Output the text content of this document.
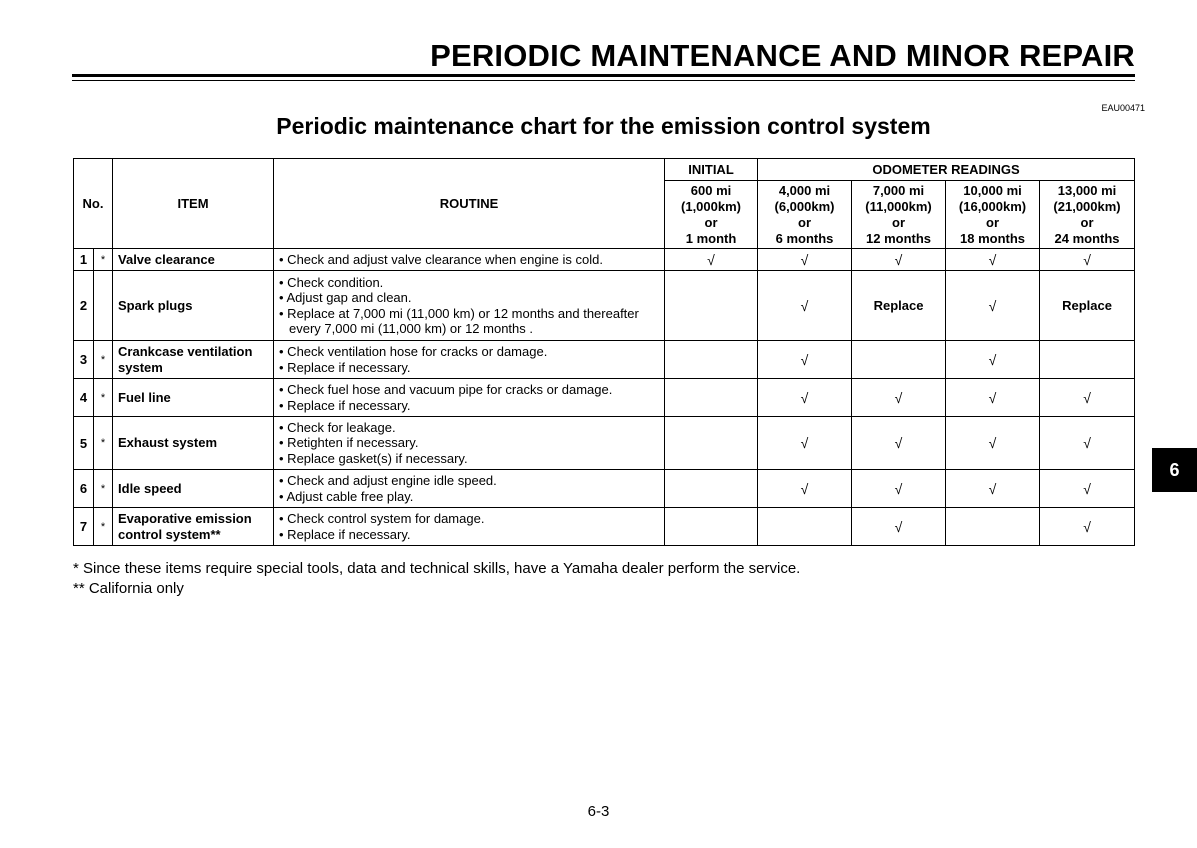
PERIODIC MAINTENANCE AND MINOR REPAIR
EAU00471
Periodic maintenance chart for the emission control system
No.		ITEM	ROUTINE	INITIAL	ODOMETER READINGS			

				600 mi
(1,000km)
or
1 month	4,000 mi
(6,000km)
or
6 months	7,000 mi
(11,000km)
or
12 months	10,000 mi
(16,000km)
or
18 months	13,000 mi
(21,000km)
or
24 months

1	*	Valve clearance	• Check and adjust valve clearance when engine is cold.	√	√	√	√	√
2		Spark plugs	• Check condition.
• Adjust gap and clean.
• Replace at 7,000 mi (11,000 km) or 12 months and thereafter
every 7,000 mi (11,000 km) or 12 months .		√	Replace	√	Replace
3	*	Crankcase ventilation system	• Check ventilation hose for cracks or damage.
• Replace if necessary.		√		√	
4	*	Fuel line	• Check fuel hose and vacuum pipe for cracks or damage.
• Replace if necessary.		√	√	√	√
5	*	Exhaust system	• Check for leakage.
• Retighten if necessary.
• Replace gasket(s) if necessary.		√	√	√	√
6	*	Idle speed	• Check and adjust engine idle speed.
• Adjust cable free play.		√	√	√	√
7	*	Evaporative emission control system**	• Check control system for damage.
• Replace if necessary.			√		√
* Since these items require special tools, data and technical skills, have a Yamaha dealer perform the service.
** California only
6
6-3
